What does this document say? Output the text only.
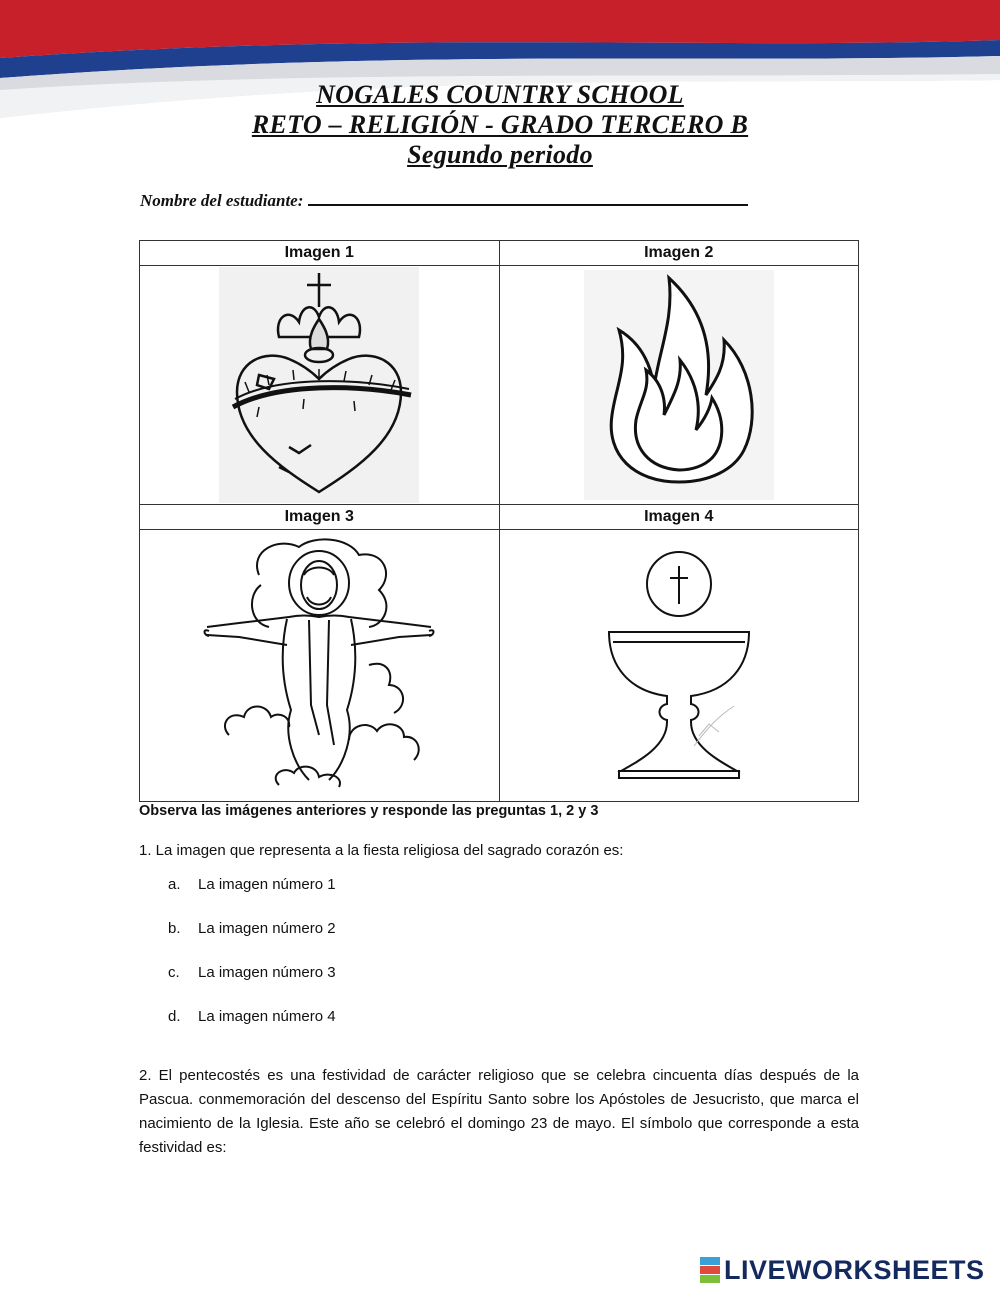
NOGALES COUNTRY SCHOOL
RETO – RELIGIÓN - GRADO TERCERO B
Segundo periodo
Nombre del estudiante:
Imagen 1	Imagen 2

Imagen 3	Imagen 4

Observa las imágenes anteriores y responde las preguntas 1, 2 y 3
1. La imagen que representa a la fiesta religiosa del sagrado corazón es:
a. La imagen número 1
b. La imagen número 2
c. La imagen número 3
d. La imagen número 4
2. El pentecostés es una festividad de carácter religioso que se celebra cincuenta días después de la Pascua. conmemoración del descenso del Espíritu Santo sobre los Apóstoles de Jesucristo, que marca el nacimiento de la Iglesia. Este año se celebró el domingo 23 de mayo. El símbolo que corresponde a esta festividad es:
LIVEWORKSHEETS
